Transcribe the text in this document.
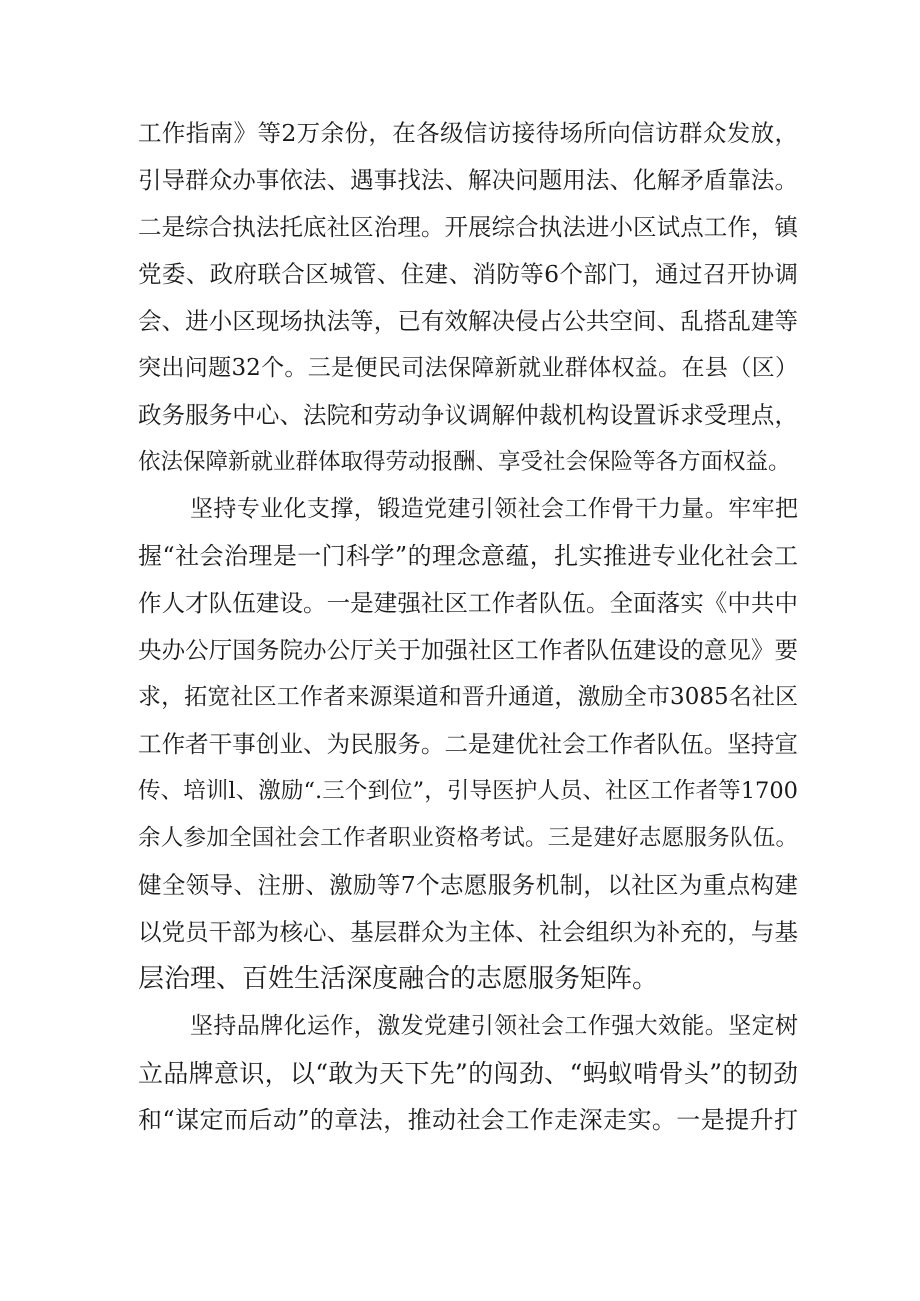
工作指南》等2万余份，在各级信访接待场所向信访群众发放，
引导群众办事依法、遇事找法、解决问题用法、化解矛盾靠法。
二是综合执法托底社区治理。开展综合执法进小区试点工作，镇
党委、政府联合区城管、住建、消防等6个部门，通过召开协调
会、进小区现场执法等，已有效解决侵占公共空间、乱搭乱建等
突出问题32个。三是便民司法保障新就业群体权益。在县（区）
政务服务中心、法院和劳动争议调解仲裁机构设置诉求受理点，
依法保障新就业群体取得劳动报酬、享受社会保险等各方面权益。
坚持专业化支撑，锻造党建引领社会工作骨干力量。牢牢把
握“社会治理是一门科学”的理念意蕴，扎实推进专业化社会工
作人才队伍建设。一是建强社区工作者队伍。全面落实《中共中
央办公厅国务院办公厅关于加强社区工作者队伍建设的意见》要
求，拓宽社区工作者来源渠道和晋升通道，激励全市3085名社区
工作者干事创业、为民服务。二是建优社会工作者队伍。坚持宣
传、培训l、激励“.三个到位”，引导医护人员、社区工作者等1700
余人参加全国社会工作者职业资格考试。三是建好志愿服务队伍。
健全领导、注册、激励等7个志愿服务机制，以社区为重点构建
以党员干部为核心、基层群众为主体、社会组织为补充的，与基
层治理、百姓生活深度融合的志愿服务矩阵。
坚持品牌化运作，激发党建引领社会工作强大效能。坚定树
立品牌意识，以“敢为天下先”的闯劲、“蚂蚁啃骨头”的韧劲
和“谋定而后动”的章法，推动社会工作走深走实。一是提升打
